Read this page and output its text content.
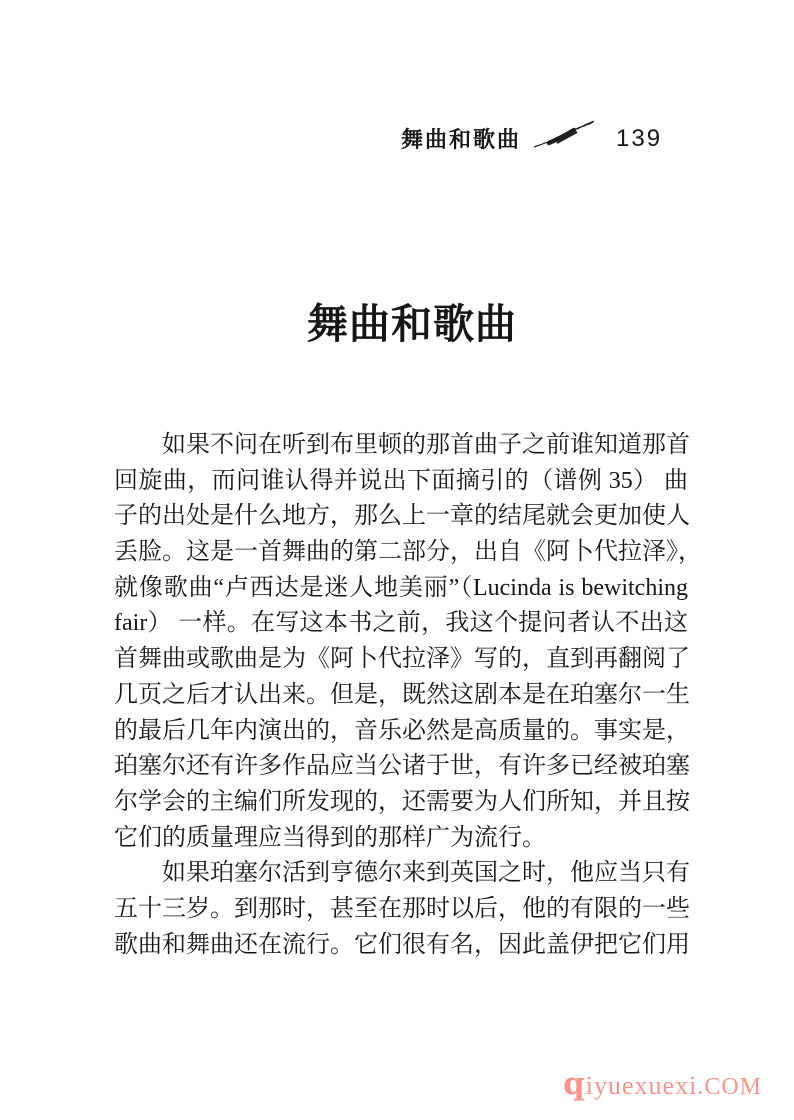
舞曲和歌曲	139
舞曲和歌曲
如果不问在听到布里顿的那首曲子之前谁知道那首
回旋曲，而问谁认得并说出下面摘引的（谱例 35） 曲
子的出处是什么地方，那么上一章的结尾就会更加使人
丢脸。这是一首舞曲的第二部分，出自《阿卜代拉泽》，
就像歌曲“卢西达是迷人地美丽”（Lucinda is bewitching
fair） 一样。在写这本书之前，我这个提问者认不出这
首舞曲或歌曲是为《阿卜代拉泽》写的，直到再翻阅了
几页之后才认出来。但是，既然这剧本是在珀塞尔一生
的最后几年内演出的，音乐必然是高质量的。事实是，
珀塞尔还有许多作品应当公诸于世，有许多已经被珀塞
尔学会的主编们所发现的，还需要为人们所知，并且按
它们的质量理应当得到的那样广为流行。
如果珀塞尔活到亨德尔来到英国之时，他应当只有
五十三岁。到那时，甚至在那时以后，他的有限的一些
歌曲和舞曲还在流行。它们很有名，因此盖伊把它们用
qiyuexuexi.COM
